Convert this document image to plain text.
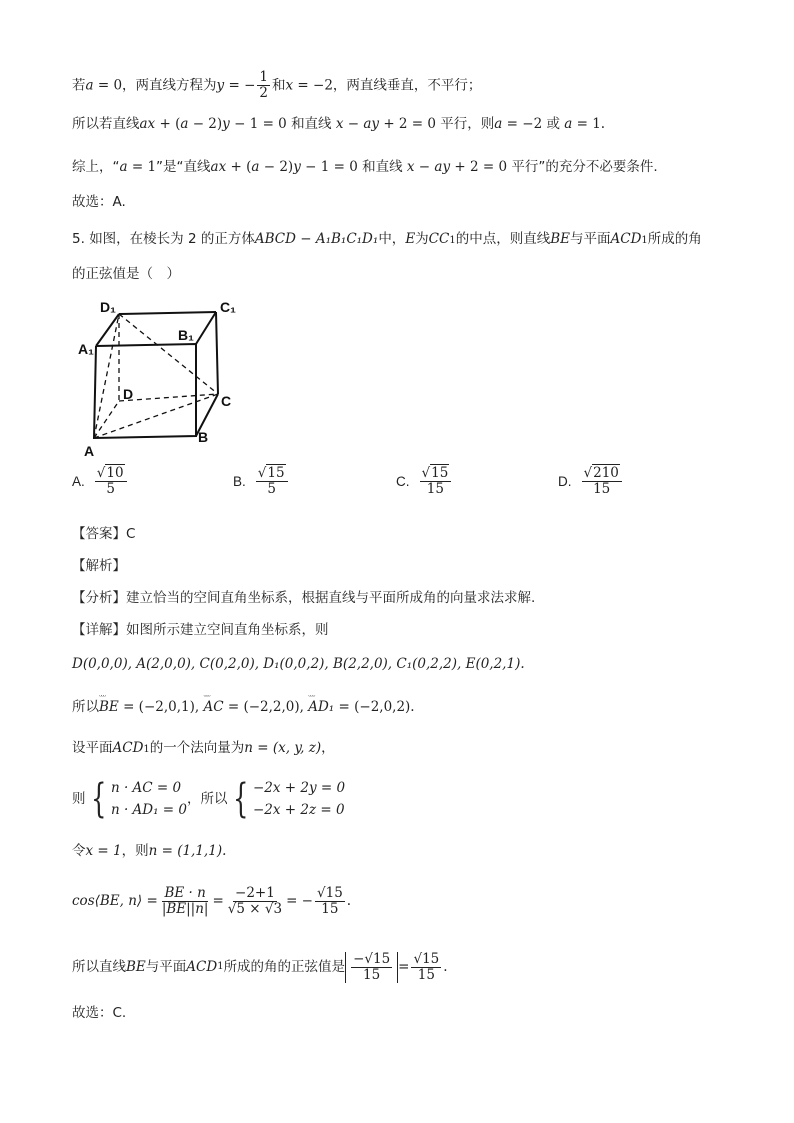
若a = 0，两直线方程为y = − $\frac{1}{2}$ 和x = −2，两直线垂直，不平行；
所以若直线ax + (a − 2)y − 1 = 0 和直线 x − ay + 2 = 0 平行，则a = −2 或 a = 1.
综上，“a = 1”是“直线ax + (a − 2)y − 1 = 0 和直线 x − ay + 2 = 0 平行”的充分不必要条件.
故选：A.
5. 如图，在棱长为 2 的正方体ABCD − A₁B₁C₁D₁中，E为CC1的中点，则直线BE与平面ACD1所成的角
的正弦值是（　）
D₁	C₁
B₁
A₁
D	C
A
B
A. $\frac{√10}{5}$	B. $\frac{√15}{5}$	C. $\frac{√15}{15}$	D. $\frac{√210}{15}$
【答案】C
【解析】
【分析】建立恰当的空间直角坐标系，根据直线与平面所成角的向量求法求解.
【详解】如图所示建立空间直角坐标系，则
D(0,0,0), A(2,0,0), C(0,2,0), D₁(0,0,2), B(2,2,0), C₁(0,2,2), E(0,2,1).
所以ᵕᵕᵕ BE = (−2,0,1), ᵕᵕᵕ AC = (−2,2,0), ᵕᵕᵕ AD₁ = (−2,0,2).
设平面ACD1的一个法向量为n = (x, y, z)，
则 { n · AC = 0
n · AD₁ = 0
，所以 { −2x + 2y = 0
−2x + 2z = 0
令x = 1，则n = (1,1,1).
cos⟨BE, n⟩ = $\frac{BE \cdot n}{|BE||n|} = \frac{-2+1}{√5 \times √3}$ = − $\frac{√15}{15}$ .
所以直线 BE 与平面 ACD 1 所成的角的正弦值是 $\frac{-√15}{15} = \frac{√15}{15}$ .
故选：C.
